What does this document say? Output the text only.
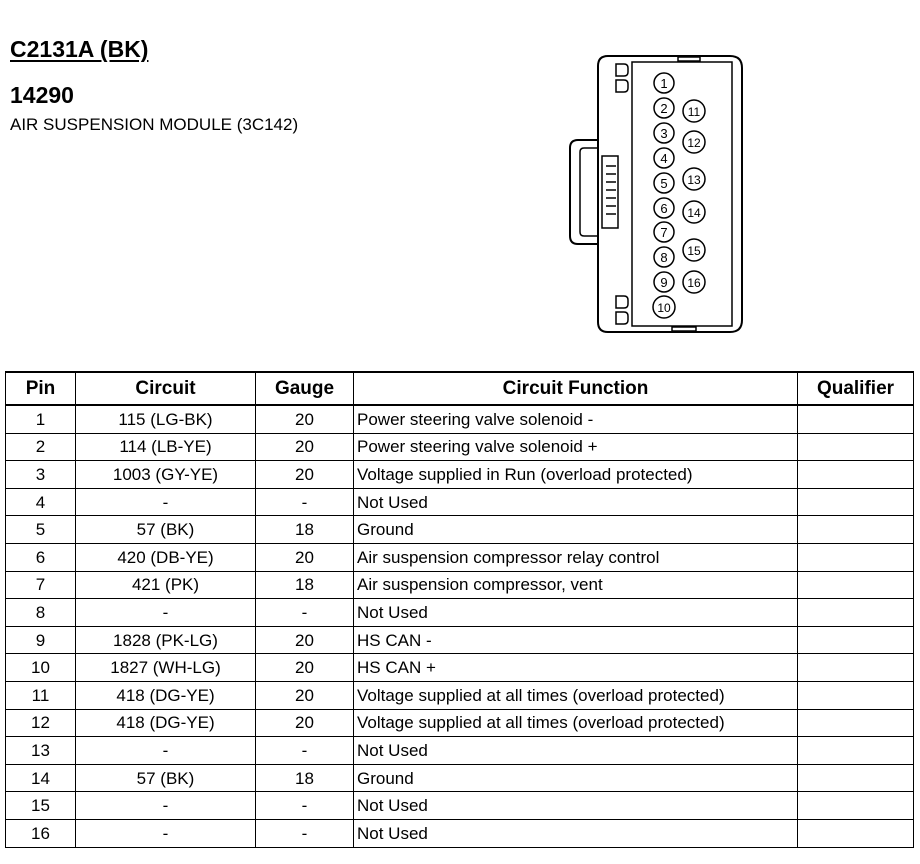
C2131A (BK)
14290

AIR SUSPENSION MODULE (3C142)

1
2
3
4
5
6
7
8
9
10
11
12
13
14
15
16
Pin	Circuit	Gauge	Circuit Function	Qualifier
1	115 (LG-BK)	20	Power steering valve solenoid -	
2	114 (LB-YE)	20	Power steering valve solenoid +	
3	1003 (GY-YE)	20	Voltage supplied in Run (overload protected)	
4	-	-	Not Used	
5	57 (BK)	18	Ground	
6	420 (DB-YE)	20	Air suspension compressor relay control	
7	421 (PK)	18	Air suspension compressor, vent	
8	-	-	Not Used	
9	1828 (PK-LG)	20	HS CAN -	
10	1827 (WH-LG)	20	HS CAN +	
11	418 (DG-YE)	20	Voltage supplied at all times (overload protected)	
12	418 (DG-YE)	20	Voltage supplied at all times (overload protected)	
13	-	-	Not Used	
14	57 (BK)	18	Ground	
15	-	-	Not Used	
16	-	-	Not Used	
